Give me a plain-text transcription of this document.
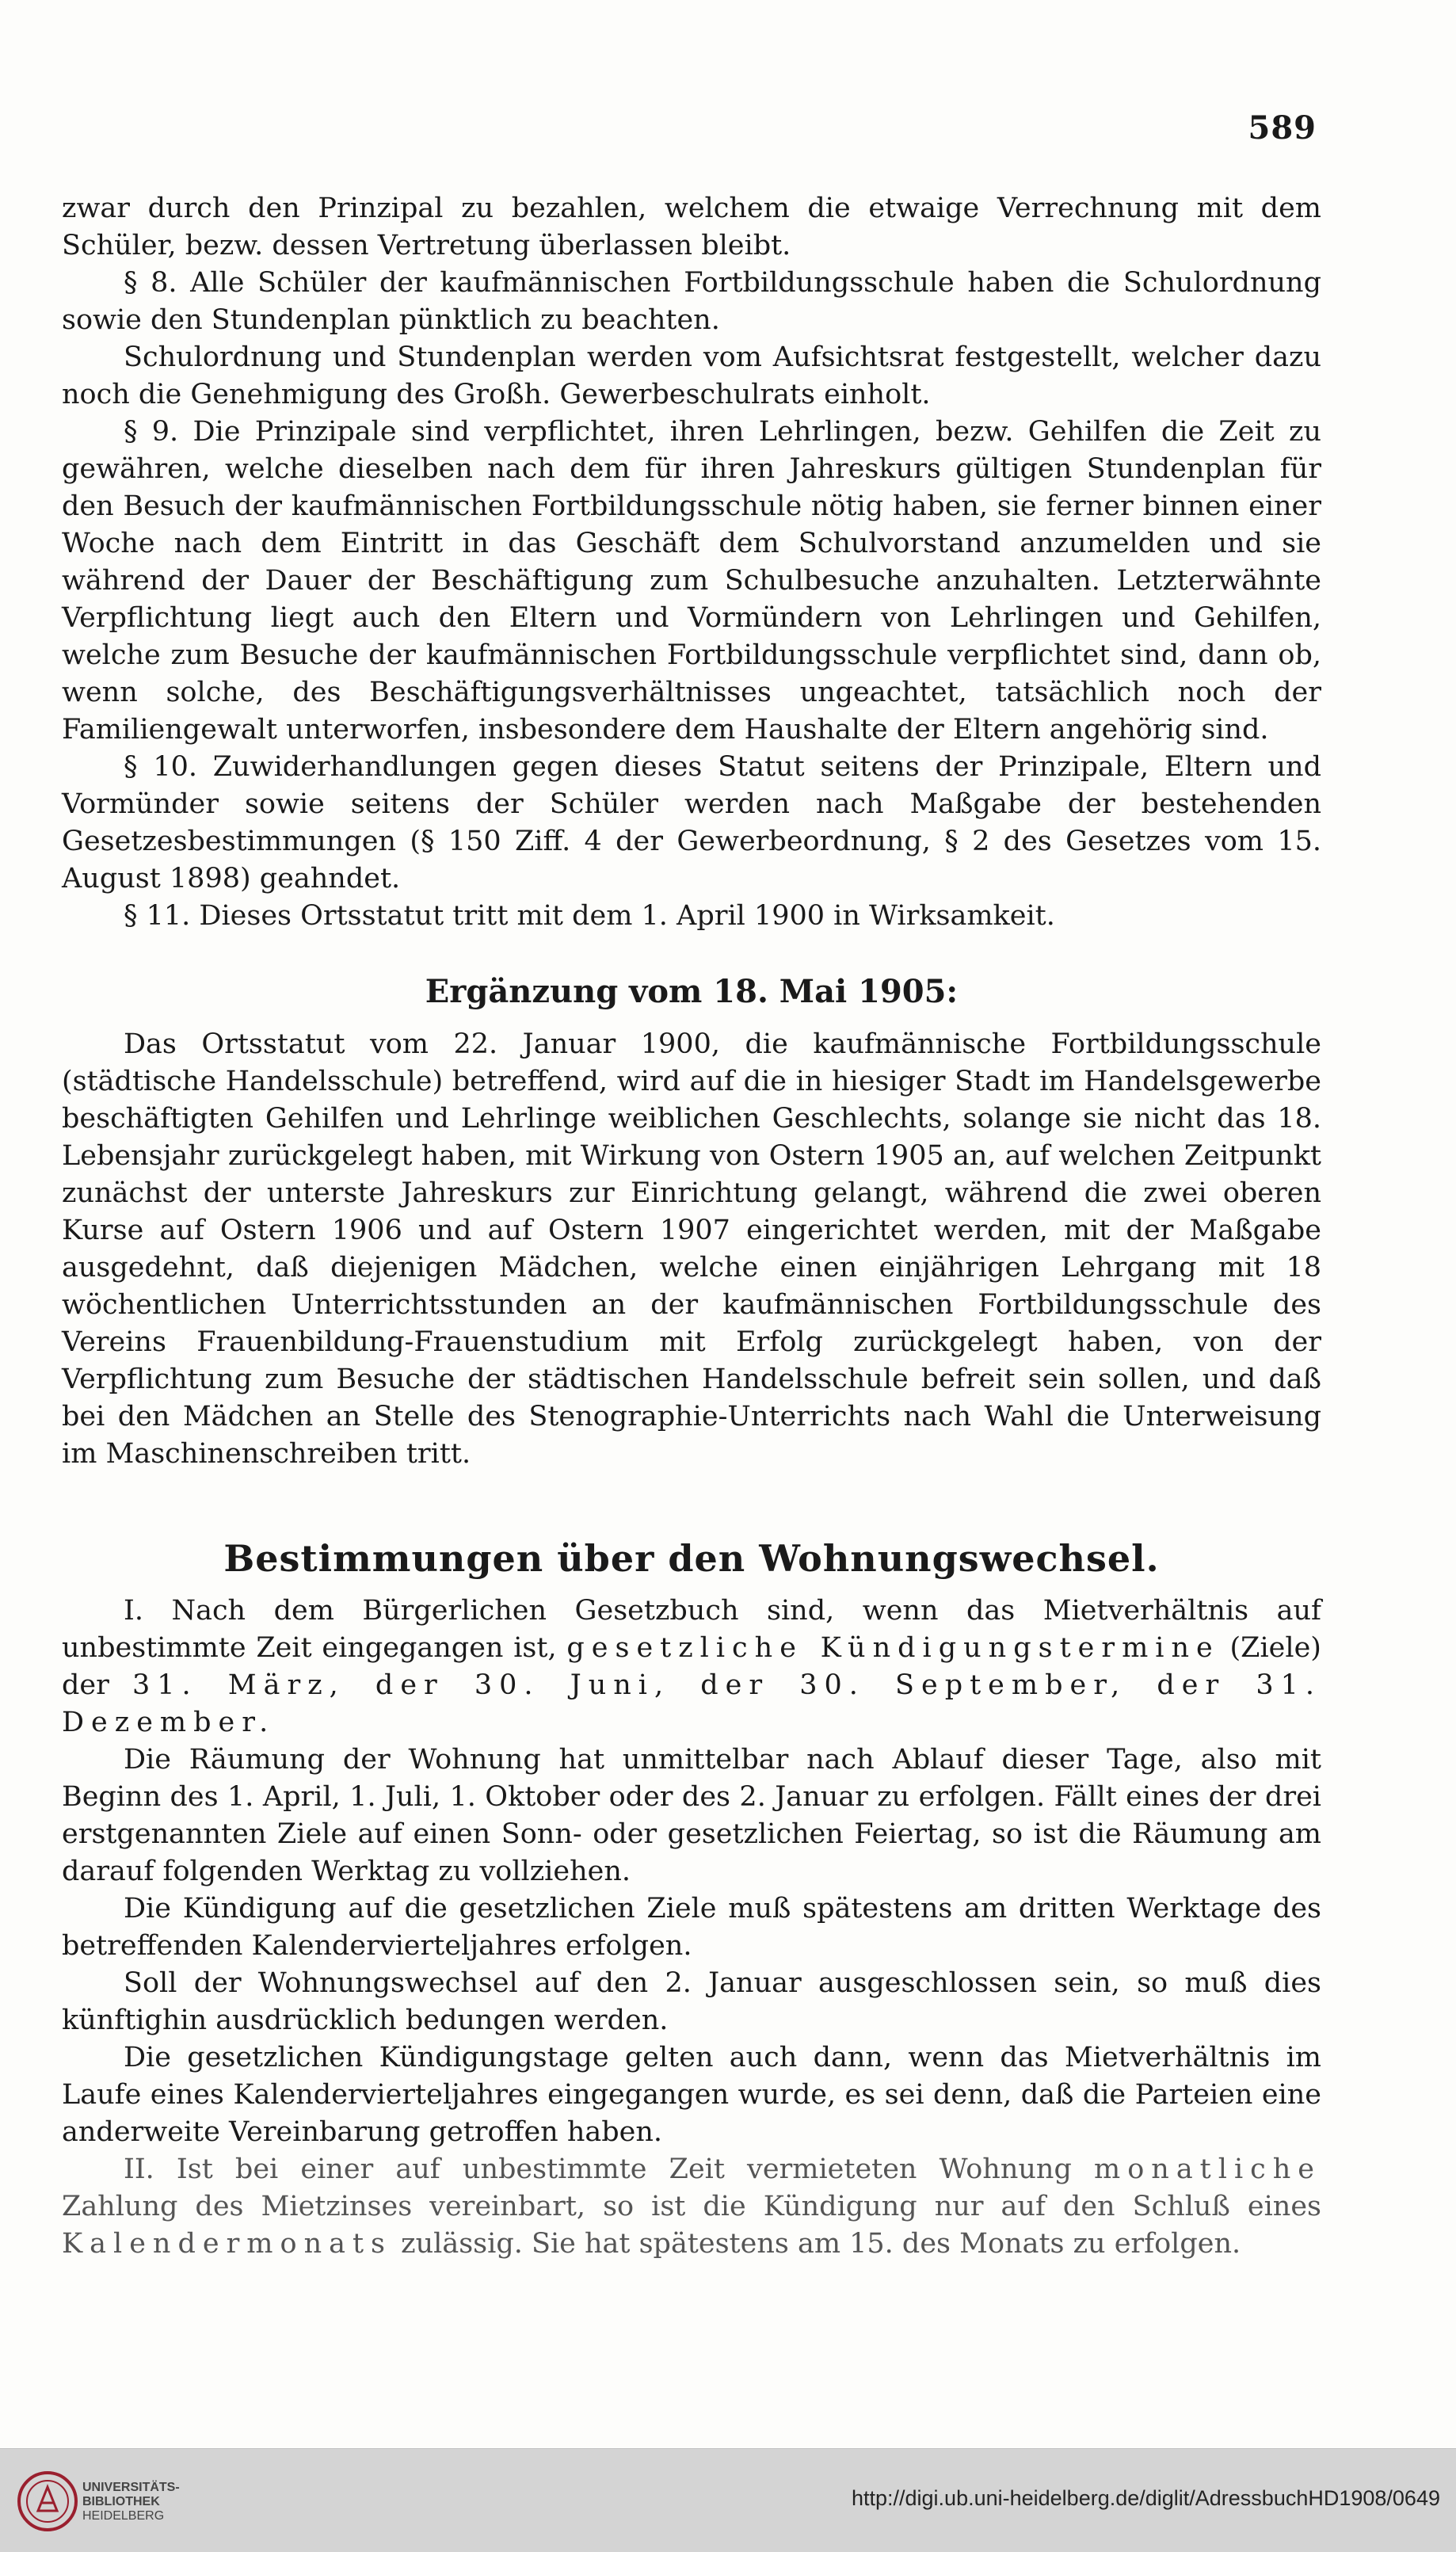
589

zwar durch den Prinzipal zu bezahlen, welchem die etwaige Verrechnung mit dem Schüler, bezw. dessen Vertretung überlassen bleibt.

§ 8. Alle Schüler der kaufmännischen Fortbildungsschule haben die Schulordnung sowie den Stundenplan pünktlich zu beachten.

Schulordnung und Stundenplan werden vom Aufsichtsrat festgestellt, welcher dazu noch die Genehmigung des Großh. Gewerbeschulrats einholt.

§ 9. Die Prinzipale sind verpflichtet, ihren Lehrlingen, bezw. Gehilfen die Zeit zu gewähren, welche dieselben nach dem für ihren Jahreskurs gültigen Stundenplan für den Besuch der kaufmännischen Fortbildungsschule nötig haben, sie ferner binnen einer Woche nach dem Eintritt in das Geschäft dem Schulvorstand anzumelden und sie während der Dauer der Beschäftigung zum Schulbesuche anzuhalten. Letzterwähnte Verpflichtung liegt auch den Eltern und Vormündern von Lehrlingen und Gehilfen, welche zum Besuche der kaufmännischen Fortbildungsschule verpflichtet sind, dann ob, wenn solche, des Beschäftigungsverhältnisses ungeachtet, tatsächlich noch der Familiengewalt unterworfen, insbesondere dem Haushalte der Eltern angehörig sind.

§ 10. Zuwiderhandlungen gegen dieses Statut seitens der Prinzipale, Eltern und Vormünder sowie seitens der Schüler werden nach Maßgabe der bestehenden Gesetzesbestimmungen (§ 150 Ziff. 4 der Gewerbeordnung, § 2 des Gesetzes vom 15. August 1898) geahndet.

§ 11. Dieses Ortsstatut tritt mit dem 1. April 1900 in Wirksamkeit.

Ergänzung vom 18. Mai 1905:

Das Ortsstatut vom 22. Januar 1900, die kaufmännische Fortbildungsschule (städtische Handelsschule) betreffend, wird auf die in hiesiger Stadt im Handelsgewerbe beschäftigten Gehilfen und Lehrlinge weiblichen Geschlechts, solange sie nicht das 18. Lebensjahr zurückgelegt haben, mit Wirkung von Ostern 1905 an, auf welchen Zeitpunkt zunächst der unterste Jahreskurs zur Einrichtung gelangt, während die zwei oberen Kurse auf Ostern 1906 und auf Ostern 1907 eingerichtet werden, mit der Maßgabe ausgedehnt, daß diejenigen Mädchen, welche einen einjährigen Lehrgang mit 18 wöchentlichen Unterrichtsstunden an der kaufmännischen Fortbildungsschule des Vereins Frauenbildung-Frauenstudium mit Erfolg zurückgelegt haben, von der Verpflichtung zum Besuche der städtischen Handelsschule befreit sein sollen, und daß bei den Mädchen an Stelle des Stenographie-Unterrichts nach Wahl die Unterweisung im Maschinenschreiben tritt.

Bestimmungen über den Wohnungswechsel.

I. Nach dem Bürgerlichen Gesetzbuch sind, wenn das Mietverhältnis auf unbestimmte Zeit eingegangen ist, gesetzliche Kündigungstermine (Ziele) der 31. März, der 30. Juni, der 30. September, der 31. Dezember.

Die Räumung der Wohnung hat unmittelbar nach Ablauf dieser Tage, also mit Beginn des 1. April, 1. Juli, 1. Oktober oder des 2. Januar zu erfolgen. Fällt eines der drei erstgenannten Ziele auf einen Sonn- oder gesetzlichen Feiertag, so ist die Räumung am darauf folgenden Werktag zu vollziehen.

Die Kündigung auf die gesetzlichen Ziele muß spätestens am dritten Werktage des betreffenden Kalendervierteljahres erfolgen.

Soll der Wohnungswechsel auf den 2. Januar ausgeschlossen sein, so muß dies künftighin ausdrücklich bedungen werden.

Die gesetzlichen Kündigungstage gelten auch dann, wenn das Mietverhältnis im Laufe eines Kalendervierteljahres eingegangen wurde, es sei denn, daß die Parteien eine anderweite Vereinbarung getroffen haben.

II. Ist bei einer auf unbestimmte Zeit vermieteten Wohnung monatliche Zahlung des Mietzinses vereinbart, so ist die Kündigung nur auf den Schluß eines Kalendermonats zulässig. Sie hat spätestens am 15. des Monats zu erfolgen.

UNIVERSITÄTS-
BIBLIOTHEK
HEIDELBERG
http://digi.ub.uni-heidelberg.de/diglit/AdressbuchHD1908/0649
